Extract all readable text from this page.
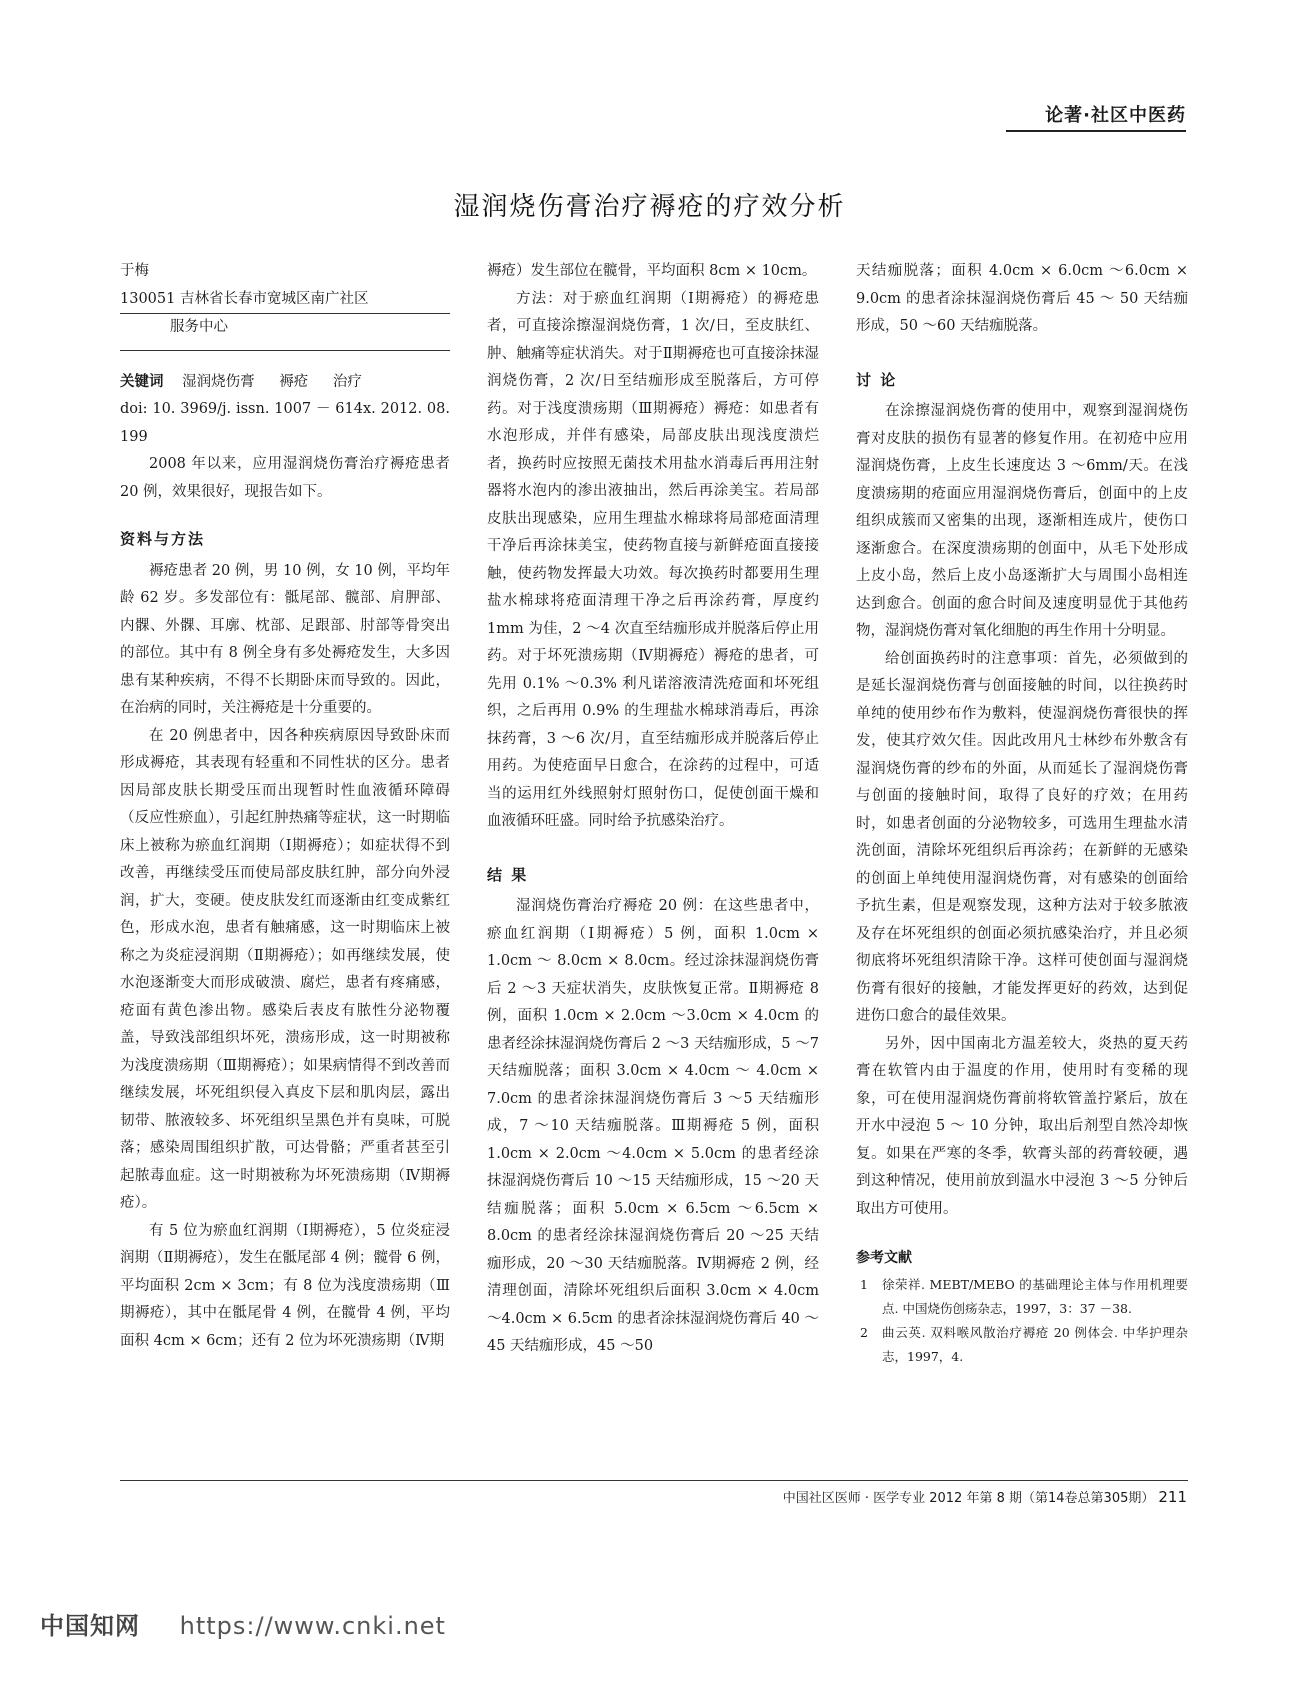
论著·社区中医药
湿润烧伤膏治疗褥疮的疗效分析

于梅

130051 吉林省长春市宽城区南广社区

服务中心

关键词 湿润烧伤膏 褥疮 治疗

doi: 10. 3969/j. issn. 1007 － 614x. 2012. 08. 199

2008 年以来，应用湿润烧伤膏治疗褥疮患者 20 例，效果很好，现报告如下。

资料与方法

褥疮患者 20 例，男 10 例，女 10 例，平均年龄 62 岁。多发部位有：骶尾部、髋部、肩胛部、内髁、外髁、耳廓、枕部、足跟部、肘部等骨突出的部位。其中有 8 例全身有多处褥疮发生，大多因患有某种疾病，不得不长期卧床而导致的。因此，在治病的同时，关注褥疮是十分重要的。

在 20 例患者中，因各种疾病原因导致卧床而形成褥疮，其表现有轻重和不同性状的区分。患者因局部皮肤长期受压而出现暂时性血液循环障碍（反应性瘀血），引起红肿热痛等症状，这一时期临床上被称为瘀血红润期（Ⅰ期褥疮）；如症状得不到改善，再继续受压而使局部皮肤红肿，部分向外浸润，扩大，变硬。使皮肤发红而逐渐由红变成紫红色，形成水泡，患者有触痛感，这一时期临床上被称之为炎症浸润期（Ⅱ期褥疮）；如再继续发展，使水泡逐渐变大而形成破溃、腐烂，患者有疼痛感，疮面有黄色渗出物。感染后表皮有脓性分泌物覆盖，导致浅部组织坏死，溃疡形成，这一时期被称为浅度溃疡期（Ⅲ期褥疮）；如果病情得不到改善而继续发展，坏死组织侵入真皮下层和肌肉层，露出韧带、脓液较多、坏死组织呈黑色并有臭味，可脱落；感染周围组织扩散，可达骨骼；严重者甚至引起脓毒血症。这一时期被称为坏死溃疡期（Ⅳ期褥疮）。

有 5 位为瘀血红润期（Ⅰ期褥疮），5 位炎症浸润期（Ⅱ期褥疮），发生在骶尾部 4 例；髋骨 6 例，平均面积 2cm × 3cm；有 8 位为浅度溃疡期（Ⅲ期褥疮），其中在骶尾骨 4 例，在髋骨 4 例，平均面积 4cm × 6cm；还有 2 位为坏死溃疡期（Ⅳ期

褥疮）发生部位在髋骨，平均面积 8cm × 10cm。

方法：对于瘀血红润期（Ⅰ期褥疮）的褥疮患者，可直接涂擦湿润烧伤膏，1 次/日，至皮肤红、肿、触痛等症状消失。对于Ⅱ期褥疮也可直接涂抹湿润烧伤膏，2 次/日至结痂形成至脱落后，方可停药。对于浅度溃疡期（Ⅲ期褥疮）褥疮：如患者有水泡形成，并伴有感染，局部皮肤出现浅度溃烂者，换药时应按照无菌技术用盐水消毒后再用注射器将水泡内的渗出液抽出，然后再涂美宝。若局部皮肤出现感染，应用生理盐水棉球将局部疮面清理干净后再涂抹美宝，使药物直接与新鲜疮面直接接触，使药物发挥最大功效。每次换药时都要用生理盐水棉球将疮面清理干净之后再涂药膏，厚度约 1mm 为佳，2 ～4 次直至结痂形成并脱落后停止用药。对于坏死溃疡期（Ⅳ期褥疮）褥疮的患者，可先用 0.1% ～0.3% 利凡诺溶液清洗疮面和坏死组织，之后再用 0.9% 的生理盐水棉球消毒后，再涂抹药膏，3 ～6 次/月，直至结痂形成并脱落后停止用药。为使疮面早日愈合，在涂药的过程中，可适当的运用红外线照射灯照射伤口，促使创面干燥和血液循环旺盛。同时给予抗感染治疗。

结 果

湿润烧伤膏治疗褥疮 20 例：在这些患者中，瘀血红润期（Ⅰ期褥疮）5 例，面积 1.0cm × 1.0cm ～ 8.0cm × 8.0cm。经过涂抹湿润烧伤膏后 2 ～3 天症状消失，皮肤恢复正常。Ⅱ期褥疮 8 例，面积 1.0cm × 2.0cm ～3.0cm × 4.0cm 的患者经涂抹湿润烧伤膏后 2 ～3 天结痂形成，5 ～7 天结痂脱落；面积 3.0cm × 4.0cm ～ 4.0cm × 7.0cm 的患者涂抹湿润烧伤膏后 3 ～5 天结痂形成，7 ～10 天结痂脱落。Ⅲ期褥疮 5 例，面积 1.0cm × 2.0cm ～4.0cm × 5.0cm 的患者经涂抹湿润烧伤膏后 10 ～15 天结痂形成，15 ～20 天结痂脱落；面积 5.0cm × 6.5cm ～6.5cm × 8.0cm 的患者经涂抹湿润烧伤膏后 20 ～25 天结痂形成，20 ～30 天结痂脱落。Ⅳ期褥疮 2 例，经清理创面，清除坏死组织后面积 3.0cm × 4.0cm ～4.0cm × 6.5cm 的患者涂抹湿润烧伤膏后 40 ～45 天结痂形成，45 ～50

天结痂脱落；面积 4.0cm × 6.0cm ～6.0cm × 9.0cm 的患者涂抹湿润烧伤膏后 45 ～ 50 天结痂形成，50 ～60 天结痂脱落。

讨 论

在涂擦湿润烧伤膏的使用中，观察到湿润烧伤膏对皮肤的损伤有显著的修复作用。在初疮中应用湿润烧伤膏，上皮生长速度达 3 ～6mm/天。在浅度溃疡期的疮面应用湿润烧伤膏后，创面中的上皮组织成簇而又密集的出现，逐渐相连成片，使伤口逐渐愈合。在深度溃疡期的创面中，从毛下处形成上皮小岛，然后上皮小岛逐渐扩大与周围小岛相连达到愈合。创面的愈合时间及速度明显优于其他药物，湿润烧伤膏对氧化细胞的再生作用十分明显。

给创面换药时的注意事项：首先，必须做到的是延长湿润烧伤膏与创面接触的时间，以往换药时单纯的使用纱布作为敷料，使湿润烧伤膏很快的挥发，使其疗效欠佳。因此改用凡士林纱布外敷含有湿润烧伤膏的纱布的外面，从而延长了湿润烧伤膏与创面的接触时间，取得了良好的疗效；在用药时，如患者创面的分泌物较多，可选用生理盐水清洗创面，清除坏死组织后再涂药；在新鲜的无感染的创面上单纯使用湿润烧伤膏，对有感染的创面给予抗生素，但是观察发现，这种方法对于较多脓液及存在坏死组织的创面必须抗感染治疗，并且必须彻底将坏死组织清除干净。这样可使创面与湿润烧伤膏有很好的接触，才能发挥更好的药效，达到促进伤口愈合的最佳效果。

另外，因中国南北方温差较大，炎热的夏天药膏在软管内由于温度的作用，使用时有变稀的现象，可在使用湿润烧伤膏前将软管盖拧紧后，放在开水中浸泡 5 ～ 10 分钟，取出后剂型自然冷却恢复。如果在严寒的冬季，软膏头部的药膏较硬，遇到这种情况，使用前放到温水中浸泡 3 ～5 分钟后取出方可使用。

参考文献
1 徐荣祥. MEBT/MEBO 的基础理论主体与作用机理要点. 中国烧伤创疡杂志，1997，3：37 －38.
2 曲云英. 双料喉风散治疗褥疮 20 例体会. 中华护理杂志，1997，4.
中国社区医师 · 医学专业 2012 年第 8 期（第14卷总第305期） 211
中国知网 https://www.cnki.net
